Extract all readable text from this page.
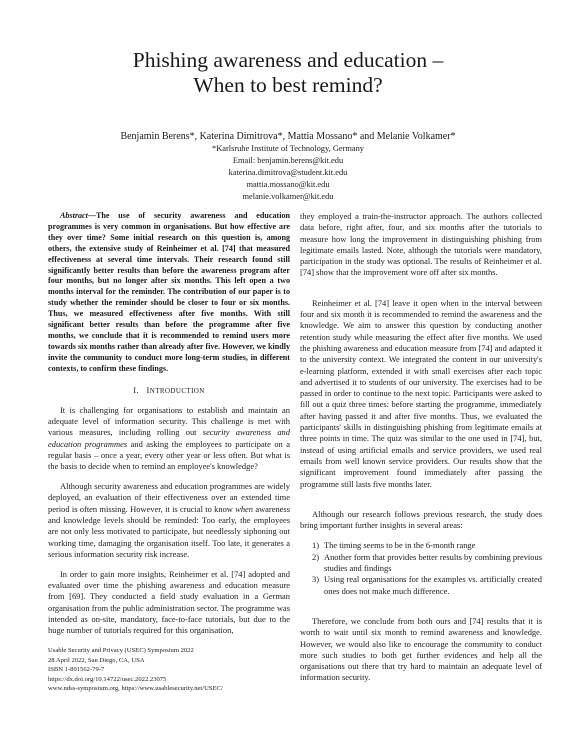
Phishing awareness and education –
When to best remind?
Benjamin Berens*, Katerina Dimitrova*, Mattia Mossano* and Melanie Volkamer*
*Karlsruhe Institute of Technology, Germany
Email: benjamin.berens@kit.edu
katerina.dimitrova@student.kit.edu
mattia.mossano@kit.edu
melanie.volkamer@kit.edu

Abstract—The use of security awareness and education programmes is very common in organisations. But how effective are they over time? Some initial research on this question is, among others, the extensive study of Reinheimer et al. [74] that measured effectiveness at several time intervals. Their research found still significantly better results than before the awareness program after four months, but no longer after six months. This left open a two months interval for the reminder. The contribution of our paper is to study whether the reminder should be closer to four or six months. Thus, we measured effectiveness after five months. With still significant better results than before the programme after five months, we conclude that it is recommended to remind users more towards six months rather than already after five. However, we kindly invite the community to conduct more long-term studies, in different contexts, to confirm these findings.

I. INTRODUCTION

It is challenging for organisations to establish and maintain an adequate level of information security. This challenge is met with various measures, including rolling out security awareness and education programmes and asking the employees to participate on a regular basis – once a year, every other year or less often. But what is the basis to decide when to remind an employee's knowledge?

Although security awareness and education programmes are widely deployed, an evaluation of their effectiveness over an extended time period is often missing. However, it is crucial to know when awareness and knowledge levels should be reminded: Too early, the employees are not only less motivated to participate, but needlessly siphoning out working time, damaging the organisation itself. Too late, it generates a serious information security risk increase.

In order to gain more insights, Reinheimer et al. [74] adopted and evaluated over time the phishing awareness and education measure from [69]. They conducted a field study evaluation in a German organisation from the public administration sector. The programme was intended as on-site, mandatory, face-to-face tutorials, but due to the huge number of tutorials required for this organisation,

they employed a train-the-instructor approach. The authors collected data before, right after, four, and six months after the tutorials to measure how long the improvement in distinguishing phishing from legitimate emails lasted. Note, although the tutorials were mandatory, participation in the study was optional. The results of Reinheimer et al. [74] show that the improvement wore off after six months.

Reinheimer et al. [74] leave it open when in the interval between four and six month it is recommended to remind the awareness and the knowledge. We aim to answer this question by conducting another retention study while measuring the effect after five months. We used the phishing awareness and education measure from [74] and adapted it to the university context. We integrated the content in our university's e-learning platform, extended it with small exercises after each topic and advertised it to students of our university. The exercises had to be passed in order to continue to the next topic. Participants were asked to fill out a quiz three times: before starting the programme, immediately after having passed it and after five months. Thus, we evaluated the participants' skills in distinguishing phishing from legitimate emails at three points in time. The quiz was similar to the one used in [74], but, instead of using artificial emails and service providers, we used real emails from well known service providers. Our results show that the significant improvement found immediately after passing the programme still lasts five months later.

Although our research follows previous research, the study does bring important further insights in several areas:

1) The timing seems to be in the 6-month range
2) Another form that provides better results by combining previous studies and findings
3) Using real organisations for the examples vs. artificially created ones does not make much difference.

Therefore, we conclude from both ours and [74] results that it is worth to wait until six month to remind awareness and knowledge. However, we would also like to encourage the community to conduct more such studies to both get further evidences and help all the organisations out there that try hard to maintain an adequate level of information security.

Usable Security and Privacy (USEC) Symposium 2022
28 April 2022, San Diego, CA, USA
ISBN 1-891562-79-7
https://dx.doi.org/10.14722/usec.2022.23075
www.ndss-symposium.org, https://www.usablesecurity.net/USEC/
